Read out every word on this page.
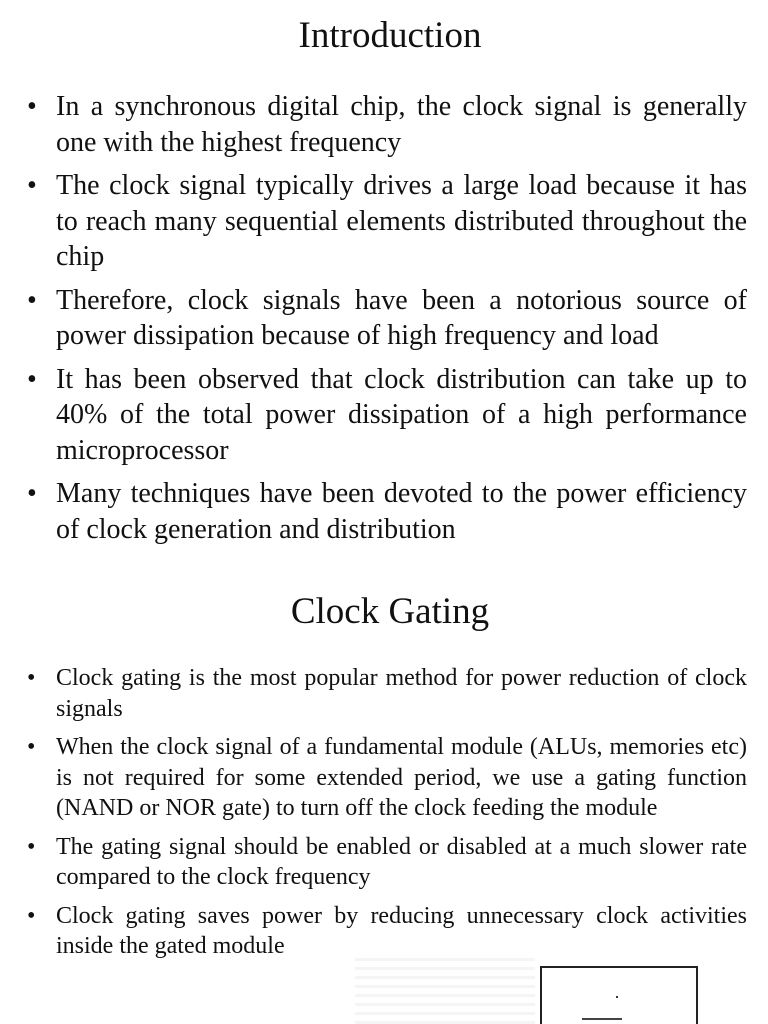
Introduction
• In a synchronous digital chip, the clock signal is generally one with the highest frequency
• The clock signal typically drives a large load because it has to reach many sequential elements distributed throughout the chip
• Therefore, clock signals have been a notorious source of power dissipation because of high frequency and load
• It has been observed that clock distribution can take up to 40% of the total power dissipation of a high performance microprocessor
• Many techniques have been devoted to the power efficiency of clock generation and distribution
Clock Gating
• Clock gating is the most popular method for power reduction of clock signals
• When the clock signal of a fundamental module (ALUs, memories etc) is not required for some extended period, we use a gating function (NAND or NOR gate) to turn off the clock feeding the module
• The gating signal should be enabled or disabled at a much slower rate compared to the clock frequency
• Clock gating saves power by reducing unnecessary clock activities inside the gated module
